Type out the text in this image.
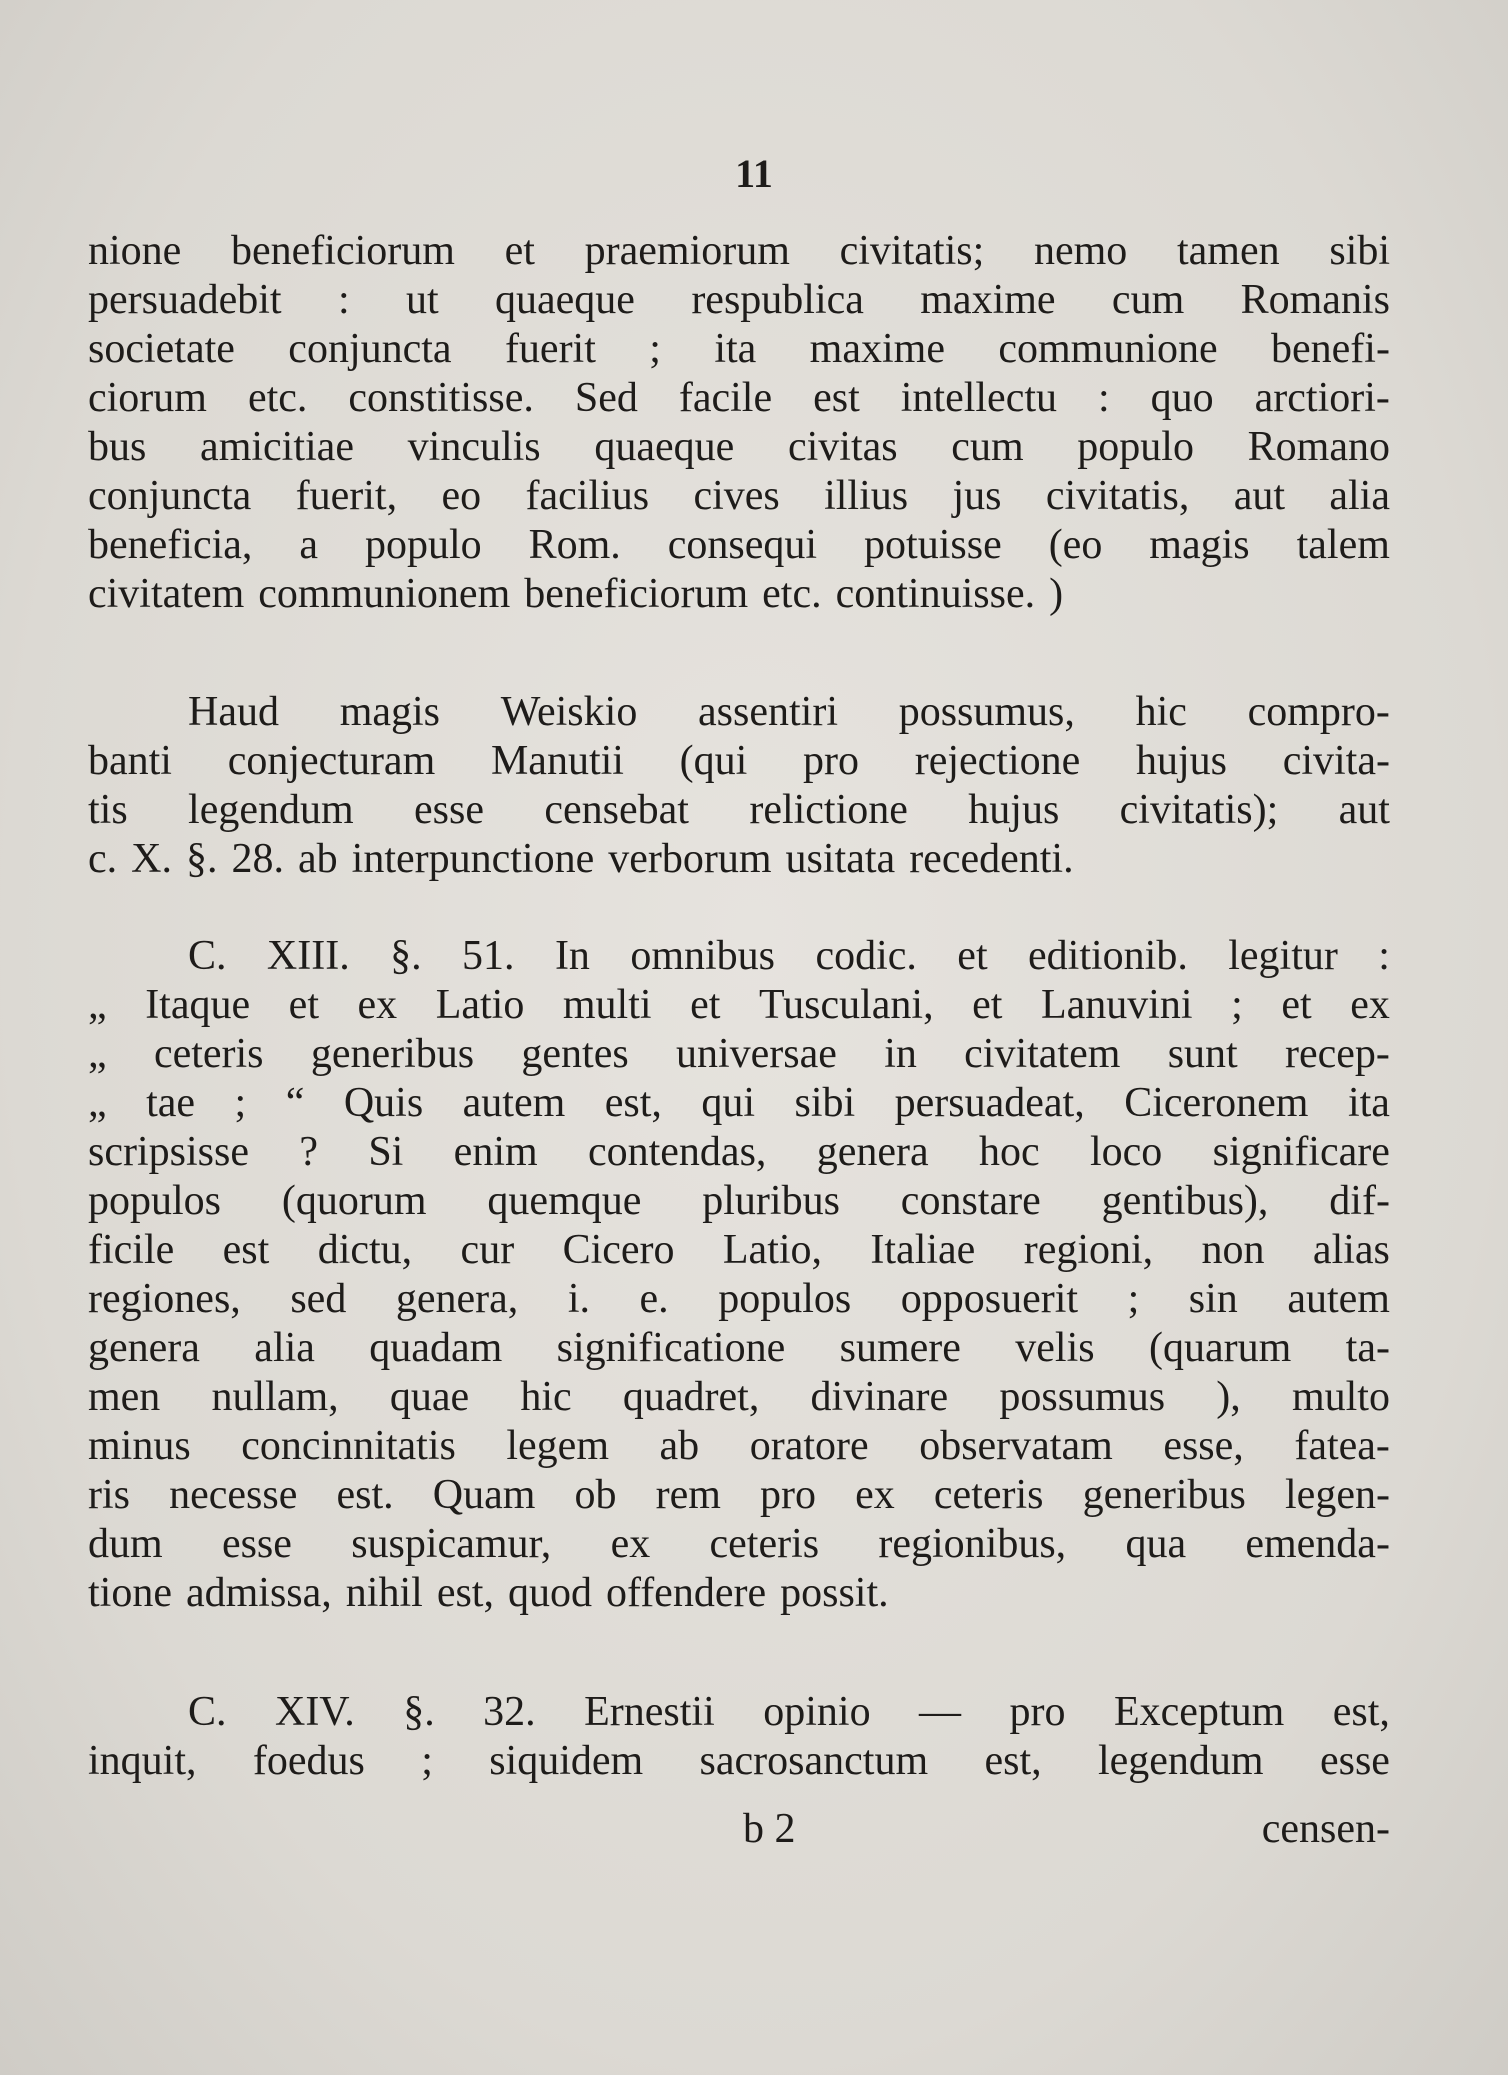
11
nione beneficiorum et praemiorum civitatis; nemo tamen sibi
persuadebit : ut quaeque respublica maxime cum Romanis
societate conjuncta fuerit ; ita maxime communione benefi-
ciorum etc. constitisse. Sed facile est intellectu : quo arctiori-
bus amicitiae vinculis quaeque civitas cum populo Romano
conjuncta fuerit, eo facilius cives illius jus civitatis, aut alia
beneficia, a populo Rom. consequi potuisse (eo magis talem
civitatem communionem beneficiorum etc. continuisse. )
Haud magis Weiskio assentiri possumus, hic compro-
banti conjecturam Manutii (qui pro rejectione hujus civita-
tis legendum esse censebat relictione hujus civitatis); aut
c. X. §. 28. ab interpunctione verborum usitata recedenti.
C. XIII. §. 51. In omnibus codic. et editionib. legitur :
„ Itaque et ex Latio multi et Tusculani, et Lanuvini ; et ex
„ ceteris generibus gentes universae in civitatem sunt recep-
„ tae ; “ Quis autem est, qui sibi persuadeat, Ciceronem ita
scripsisse ? Si enim contendas, genera hoc loco significare
populos (quorum quemque pluribus constare gentibus), dif-
ficile est dictu, cur Cicero Latio, Italiae regioni, non alias
regiones, sed genera, i. e. populos opposuerit ; sin autem
genera alia quadam significatione sumere velis (quarum ta-
men nullam, quae hic quadret, divinare possumus ), multo
minus concinnitatis legem ab oratore observatam esse, fatea-
ris necesse est. Quam ob rem pro ex ceteris generibus legen-
dum esse suspicamur, ex ceteris regionibus, qua emenda-
tione admissa, nihil est, quod offendere possit.
C. XIV. §. 32. Ernestii opinio — pro Exceptum est,
inquit, foedus ; siquidem sacrosanctum est, legendum esse
b 2	censen-
